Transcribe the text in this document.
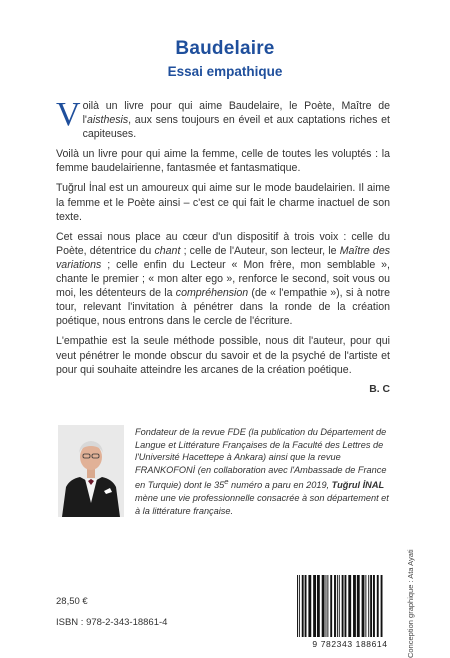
Baudelaire
Essai empathique

Voilà un livre pour qui aime Baudelaire, le Poète, Maître de l'aisthesis, aux sens toujours en éveil et aux captations riches et capiteuses.

Voilà un livre pour qui aime la femme, celle de toutes les voluptés : la femme baudelairienne, fantasmée et fantasmatique.

Tuğrul İnal est un amoureux qui aime sur le mode baudelairien. Il aime la femme et le Poète ainsi – c'est ce qui fait le charme inactuel de son texte.

Cet essai nous place au cœur d'un dispositif à trois voix : celle du Poète, détentrice du chant ; celle de l'Auteur, son lecteur, le Maître des variations ; celle enfin du Lecteur « Mon frère, mon semblable », chante le premier ; « mon alter ego », renforce le second, soit vous ou moi, les détenteurs de la compréhension (de « l'empathie »), si à notre tour, relevant l'invitation à pénétrer dans la ronde de la création poétique, nous entrons dans le cercle de l'écriture.

L'empathie est la seule méthode possible, nous dit l'auteur, pour qui veut pénétrer le monde obscur du savoir et de la psyché de l'artiste et pour qui souhaite atteindre les arcanes de la création poétique.

B. C
Fondateur de la revue FDE (la publication du Département de Langue et Littérature Françaises de la Faculté des Lettres de l'Université Hacettepe à Ankara) ainsi que la revue FRANKOFONİ (en collaboration avec l'Ambassade de France en Turquie) dont le 35e numéro a paru en 2019, Tuğrul İNAL mène une vie professionnelle consacrée à son département et à la littérature française.
Conception graphique : Ata Ayati
28,50 €
ISBN : 978-2-343-18861-4
9 782343 188614
